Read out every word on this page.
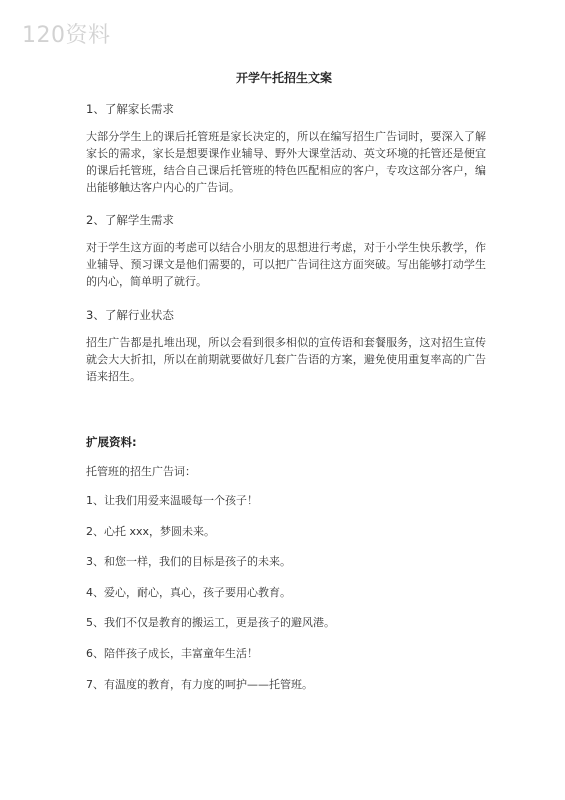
120资料
开学午托招生文案
1、了解家长需求
大部分学生上的课后托管班是家长决定的，所以在编写招生广告词时，要深入了解家长的需求，家长是想要课作业辅导、野外大课堂活动、英文环境的托管还是便宜的课后托管班，结合自己课后托管班的特色匹配相应的客户，专攻这部分客户，编出能够触达客户内心的广告词。
2、了解学生需求
对于学生这方面的考虑可以结合小朋友的思想进行考虑，对于小学生快乐教学，作业辅导、预习课文是他们需要的，可以把广告词往这方面突破。写出能够打动学生的内心，简单明了就行。
3、了解行业状态
招生广告都是扎堆出现，所以会看到很多相似的宣传语和套餐服务，这对招生宣传就会大大折扣，所以在前期就要做好几套广告语的方案，避免使用重复率高的广告语来招生。
扩展资料:
托管班的招生广告词：
1、让我们用爱来温暖每一个孩子！
2、心托 xxx，梦圆未来。
3、和您一样，我们的目标是孩子的未来。
4、爱心，耐心，真心，孩子要用心教育。
5、我们不仅是教育的搬运工，更是孩子的避风港。
6、陪伴孩子成长，丰富童年生活！
7、有温度的教育，有力度的呵护——托管班。
